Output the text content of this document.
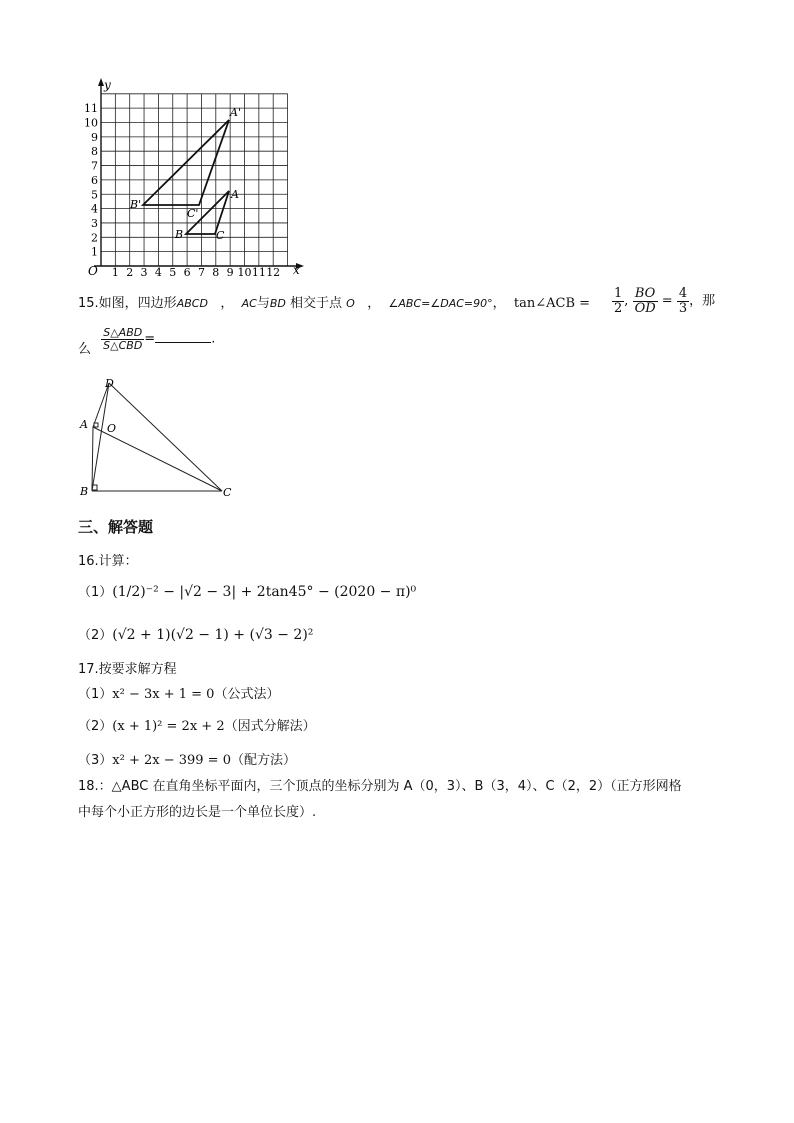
y
x
O
1
2
3
4
5
6
7
8
9
10
11
1 2 3 4 5 6 7 8 9 10 11 12
A'
B'
C'
A
B	C
15.如图，四边形ABCD ， AC与BD 相交于点 O ， ∠ABC=∠DAC=90°， tan∠ACB = $\frac{1}{2}$ , $\frac{BO}{OD} = \frac{4}{3}$ ，那
么 $\frac{\text{S△ABD}}{\text{S△CBD}}$ =	.
D
A O
B	C
三、解答题
16.计算：
（1）(1/2)⁻² − |√2 − 3| + 2tan45° − (2020 − π)⁰
（2）(√2 + 1)(√2 − 1) + (√3 − 2)²
17.按要求解方程
（1）x² − 3x + 1 = 0（公式法）
（2）(x + 1)² = 2x + 2（因式分解法）
（3）x² + 2x − 399 = 0（配方法）
18.：△ABC 在直角坐标平面内，三个顶点的坐标分别为 A（0，3）、B（3，4）、C（2，2）（正方形网格
中每个小正方形的边长是一个单位长度）.
